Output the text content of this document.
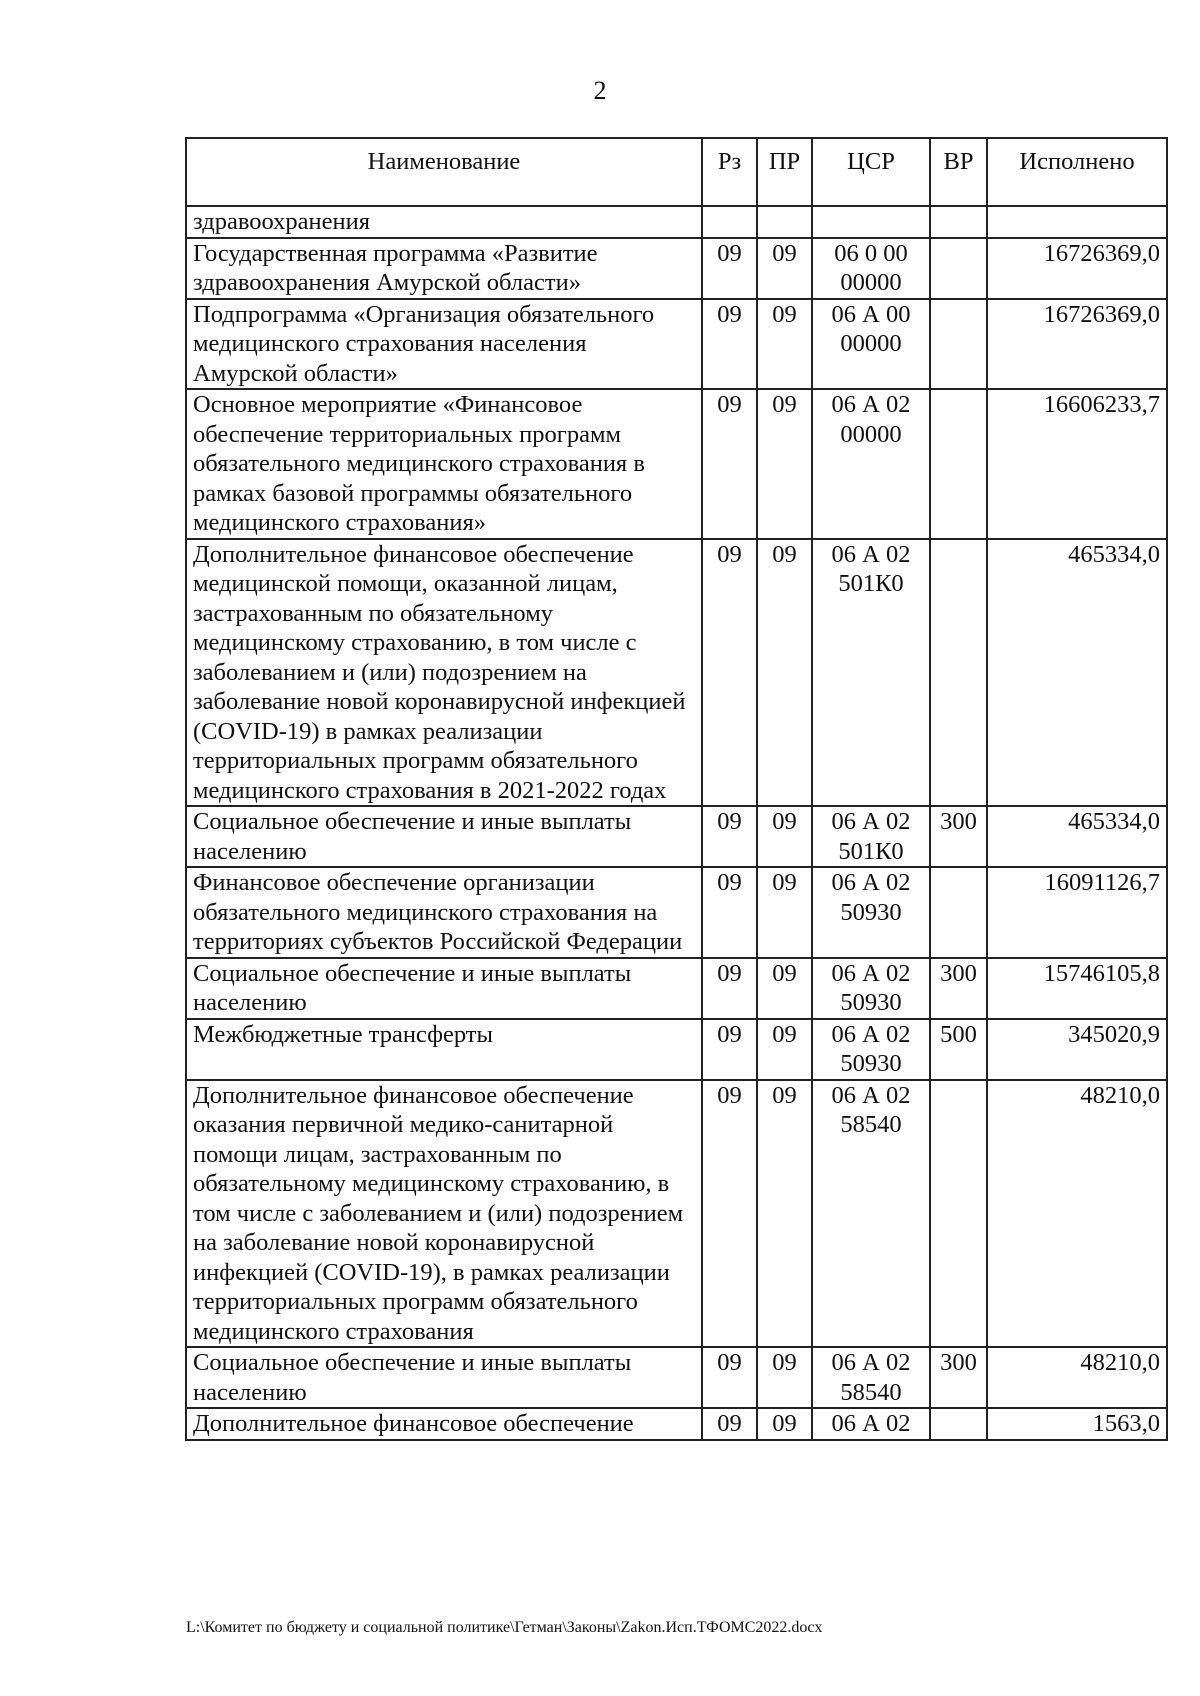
2
Наименование	Рз	ПР	ЦСР	ВР	Исполнено
здравоохранения					
Государственная программа «Развитие здравоохранения Амурской области»	09	09	06 0 00 00000		16726369,0
Подпрограмма «Организация обязательного медицинского страхования населения Амурской области»	09	09	06 А 00 00000		16726369,0
Основное мероприятие «Финансовое обеспечение территориальных программ обязательного медицинского страхования в рамках базовой программы обязательного медицинского страхования»	09	09	06 А 02 00000		16606233,7
Дополнительное финансовое обеспечение медицинской помощи, оказанной лицам, застрахованным по обязательному медицинскому страхованию, в том числе с заболеванием и (или) подозрением на заболевание новой коронавирусной инфекцией (COVID-19) в рамках реализации территориальных программ обязательного медицинского страхования в 2021-2022 годах	09	09	06 А 02 501К0		465334,0
Социальное обеспечение и иные выплаты населению	09	09	06 А 02 501К0	300	465334,0
Финансовое обеспечение организации обязательного медицинского страхования на территориях субъектов Российской Федерации	09	09	06 А 02 50930		16091126,7
Социальное обеспечение и иные выплаты населению	09	09	06 А 02 50930	300	15746105,8
Межбюджетные трансферты	09	09	06 А 02 50930	500	345020,9
Дополнительное финансовое обеспечение оказания первичной медико-санитарной помощи лицам, застрахованным по обязательному медицинскому страхованию, в том числе с заболеванием и (или) подозрением на заболевание новой коронавирусной инфекцией (COVID-19), в рамках реализации территориальных программ обязательного медицинского страхования	09	09	06 А 02 58540		48210,0
Социальное обеспечение и иные выплаты населению	09	09	06 А 02 58540	300	48210,0
Дополнительное финансовое обеспечение	09	09	06 А 02		1563,0
L:\Комитет по бюджету и социальной политике\Гетман\Законы\Zakon.Исп.ТФОМС2022.docx
